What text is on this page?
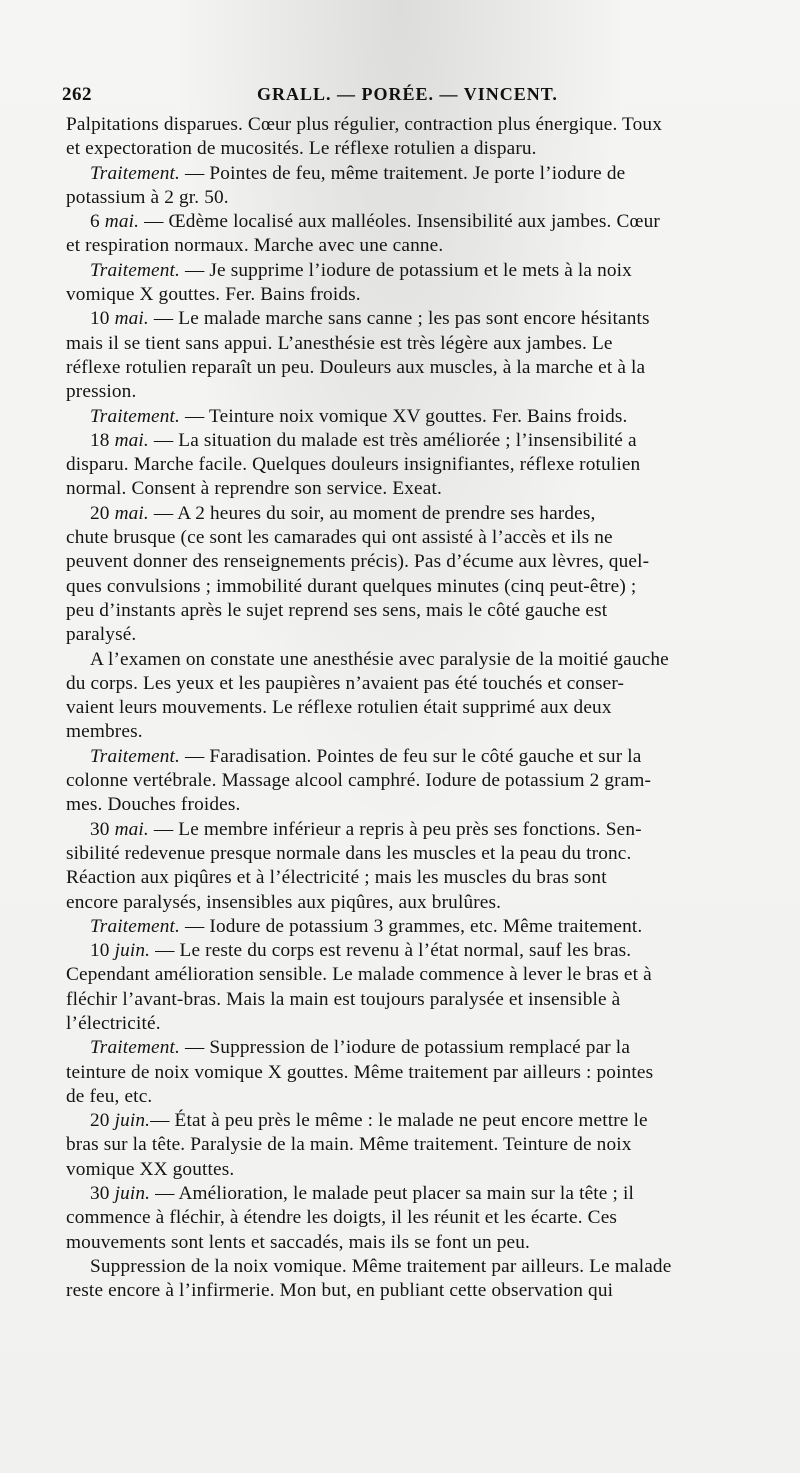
262	GRALL. — PORÉE. — VINCENT.
Palpitations disparues. Cœur plus régulier, contraction plus énergique. Toux
et expectoration de mucosités. Le réflexe rotulien a disparu.
Traitement. — Pointes de feu, même traitement. Je porte l’iodure de
potassium à 2 gr. 50.
6 mai. — Œdème localisé aux malléoles. Insensibilité aux jambes. Cœur
et respiration normaux. Marche avec une canne.
Traitement. — Je supprime l’iodure de potassium et le mets à la noix
vomique X gouttes. Fer. Bains froids.
10 mai. — Le malade marche sans canne ; les pas sont encore hésitants
mais il se tient sans appui. L’anesthésie est très légère aux jambes. Le
réflexe rotulien reparaît un peu. Douleurs aux muscles, à la marche et à la
pression.
Traitement. — Teinture noix vomique XV gouttes. Fer. Bains froids.
18 mai. — La situation du malade est très améliorée ; l’insensibilité a
disparu. Marche facile. Quelques douleurs insignifiantes, réflexe rotulien
normal. Consent à reprendre son service. Exeat.
20 mai. — A 2 heures du soir, au moment de prendre ses hardes,
chute brusque (ce sont les camarades qui ont assisté à l’accès et ils ne
peuvent donner des renseignements précis). Pas d’écume aux lèvres, quel-
ques convulsions ; immobilité durant quelques minutes (cinq peut-être) ;
peu d’instants après le sujet reprend ses sens, mais le côté gauche est
paralysé.
A l’examen on constate une anesthésie avec paralysie de la moitié gauche
du corps. Les yeux et les paupières n’avaient pas été touchés et conser-
vaient leurs mouvements. Le réflexe rotulien était supprimé aux deux
membres.
Traitement. — Faradisation. Pointes de feu sur le côté gauche et sur la
colonne vertébrale. Massage alcool camphré. Iodure de potassium 2 gram-
mes. Douches froides.
30 mai. — Le membre inférieur a repris à peu près ses fonctions. Sen-
sibilité redevenue presque normale dans les muscles et la peau du tronc.
Réaction aux piqûres et à l’électricité ; mais les muscles du bras sont
encore paralysés, insensibles aux piqûres, aux brulûres.
Traitement. — Iodure de potassium 3 grammes, etc. Même traitement.
10 juin. — Le reste du corps est revenu à l’état normal, sauf les bras.
Cependant amélioration sensible. Le malade commence à lever le bras et à
fléchir l’avant-bras. Mais la main est toujours paralysée et insensible à
l’électricité.
Traitement. — Suppression de l’iodure de potassium remplacé par la
teinture de noix vomique X gouttes. Même traitement par ailleurs : pointes
de feu, etc.
20 juin.— État à peu près le même : le malade ne peut encore mettre le
bras sur la tête. Paralysie de la main. Même traitement. Teinture de noix
vomique XX gouttes.
30 juin. — Amélioration, le malade peut placer sa main sur la tête ; il
commence à fléchir, à étendre les doigts, il les réunit et les écarte. Ces
mouvements sont lents et saccadés, mais ils se font un peu.
Suppression de la noix vomique. Même traitement par ailleurs. Le malade
reste encore à l’infirmerie. Mon but, en publiant cette observation qui
